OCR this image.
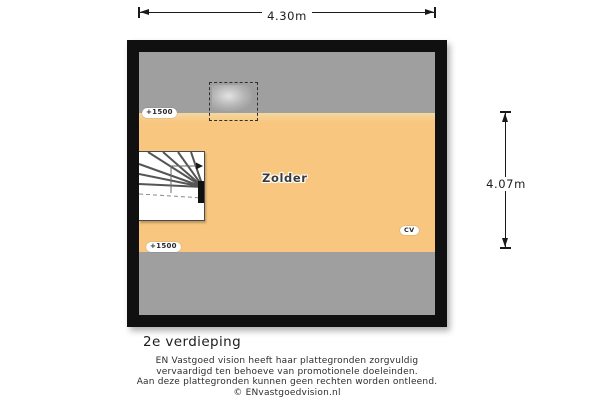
4.30m
4.07m
+1500
+1500
Zolder
CV
2e verdieping
EN Vastgoed vision heeft haar plattegronden zorgvuldig
vervaardigd ten behoeve van promotionele doeleinden.
Aan deze plattegronden kunnen geen rechten worden ontleend.
© ENvastgoedvision.nl
